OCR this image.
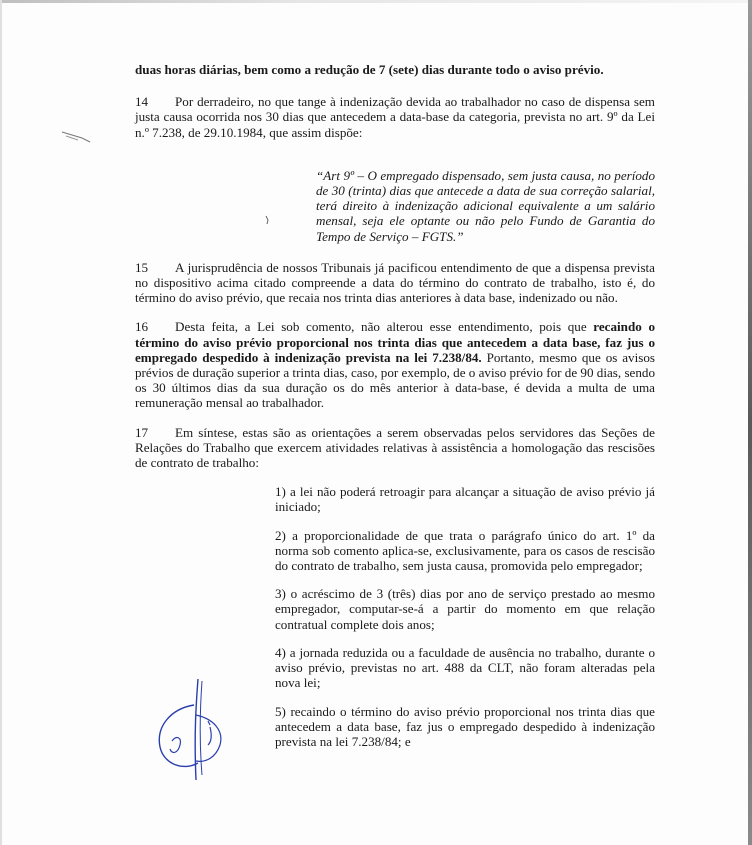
duas horas diárias, bem como a redução de 7 (sete) dias durante todo o aviso prévio.

14 Por derradeiro, no que tange à indenização devida ao trabalhador no caso de dispensa sem justa causa ocorrida nos 30 dias que antecedem a data-base da categoria, prevista no art. 9º da Lei n.º 7.238, de 29.10.1984, que assim dispõe:

“Art 9º – O empregado dispensado, sem justa causa, no período de 30 (trinta) dias que antecede a data de sua correção salarial, terá direito à indenização adicional equivalente a um salário mensal, seja ele optante ou não pelo Fundo de Garantia do Tempo de Serviço – FGTS.”

15 A jurisprudência de nossos Tribunais já pacificou entendimento de que a dispensa prevista no dispositivo acima citado compreende a data do término do contrato de trabalho, isto é, do término do aviso prévio, que recaia nos trinta dias anteriores à data base, indenizado ou não.

16 Desta feita, a Lei sob comento, não alterou esse entendimento, pois que recaindo o término do aviso prévio proporcional nos trinta dias que antecedem a data base, faz jus o empregado despedido à indenização prevista na lei 7.238/84. Portanto, mesmo que os avisos prévios de duração superior a trinta dias, caso, por exemplo, de o aviso prévio for de 90 dias, sendo os 30 últimos dias da sua duração os do mês anterior à data-base, é devida a multa de uma remuneração mensal ao trabalhador.

17 Em síntese, estas são as orientações a serem observadas pelos servidores das Seções de Relações do Trabalho que exercem atividades relativas à assistência a homologação das rescisões de contrato de trabalho:

1) a lei não poderá retroagir para alcançar a situação de aviso prévio já iniciado;

2) a proporcionalidade de que trata o parágrafo único do art. 1º da norma sob comento aplica-se, exclusivamente, para os casos de rescisão do contrato de trabalho, sem justa causa, promovida pelo empregador;

3) o acréscimo de 3 (três) dias por ano de serviço prestado ao mesmo empregador, computar-se-á a partir do momento em que relação contratual complete dois anos;

4) a jornada reduzida ou a faculdade de ausência no trabalho, durante o aviso prévio, previstas no art. 488 da CLT, não foram alteradas pela nova lei;

5) recaindo o término do aviso prévio proporcional nos trinta dias que antecedem a data base, faz jus o empregado despedido à indenização prevista na lei 7.238/84; e
